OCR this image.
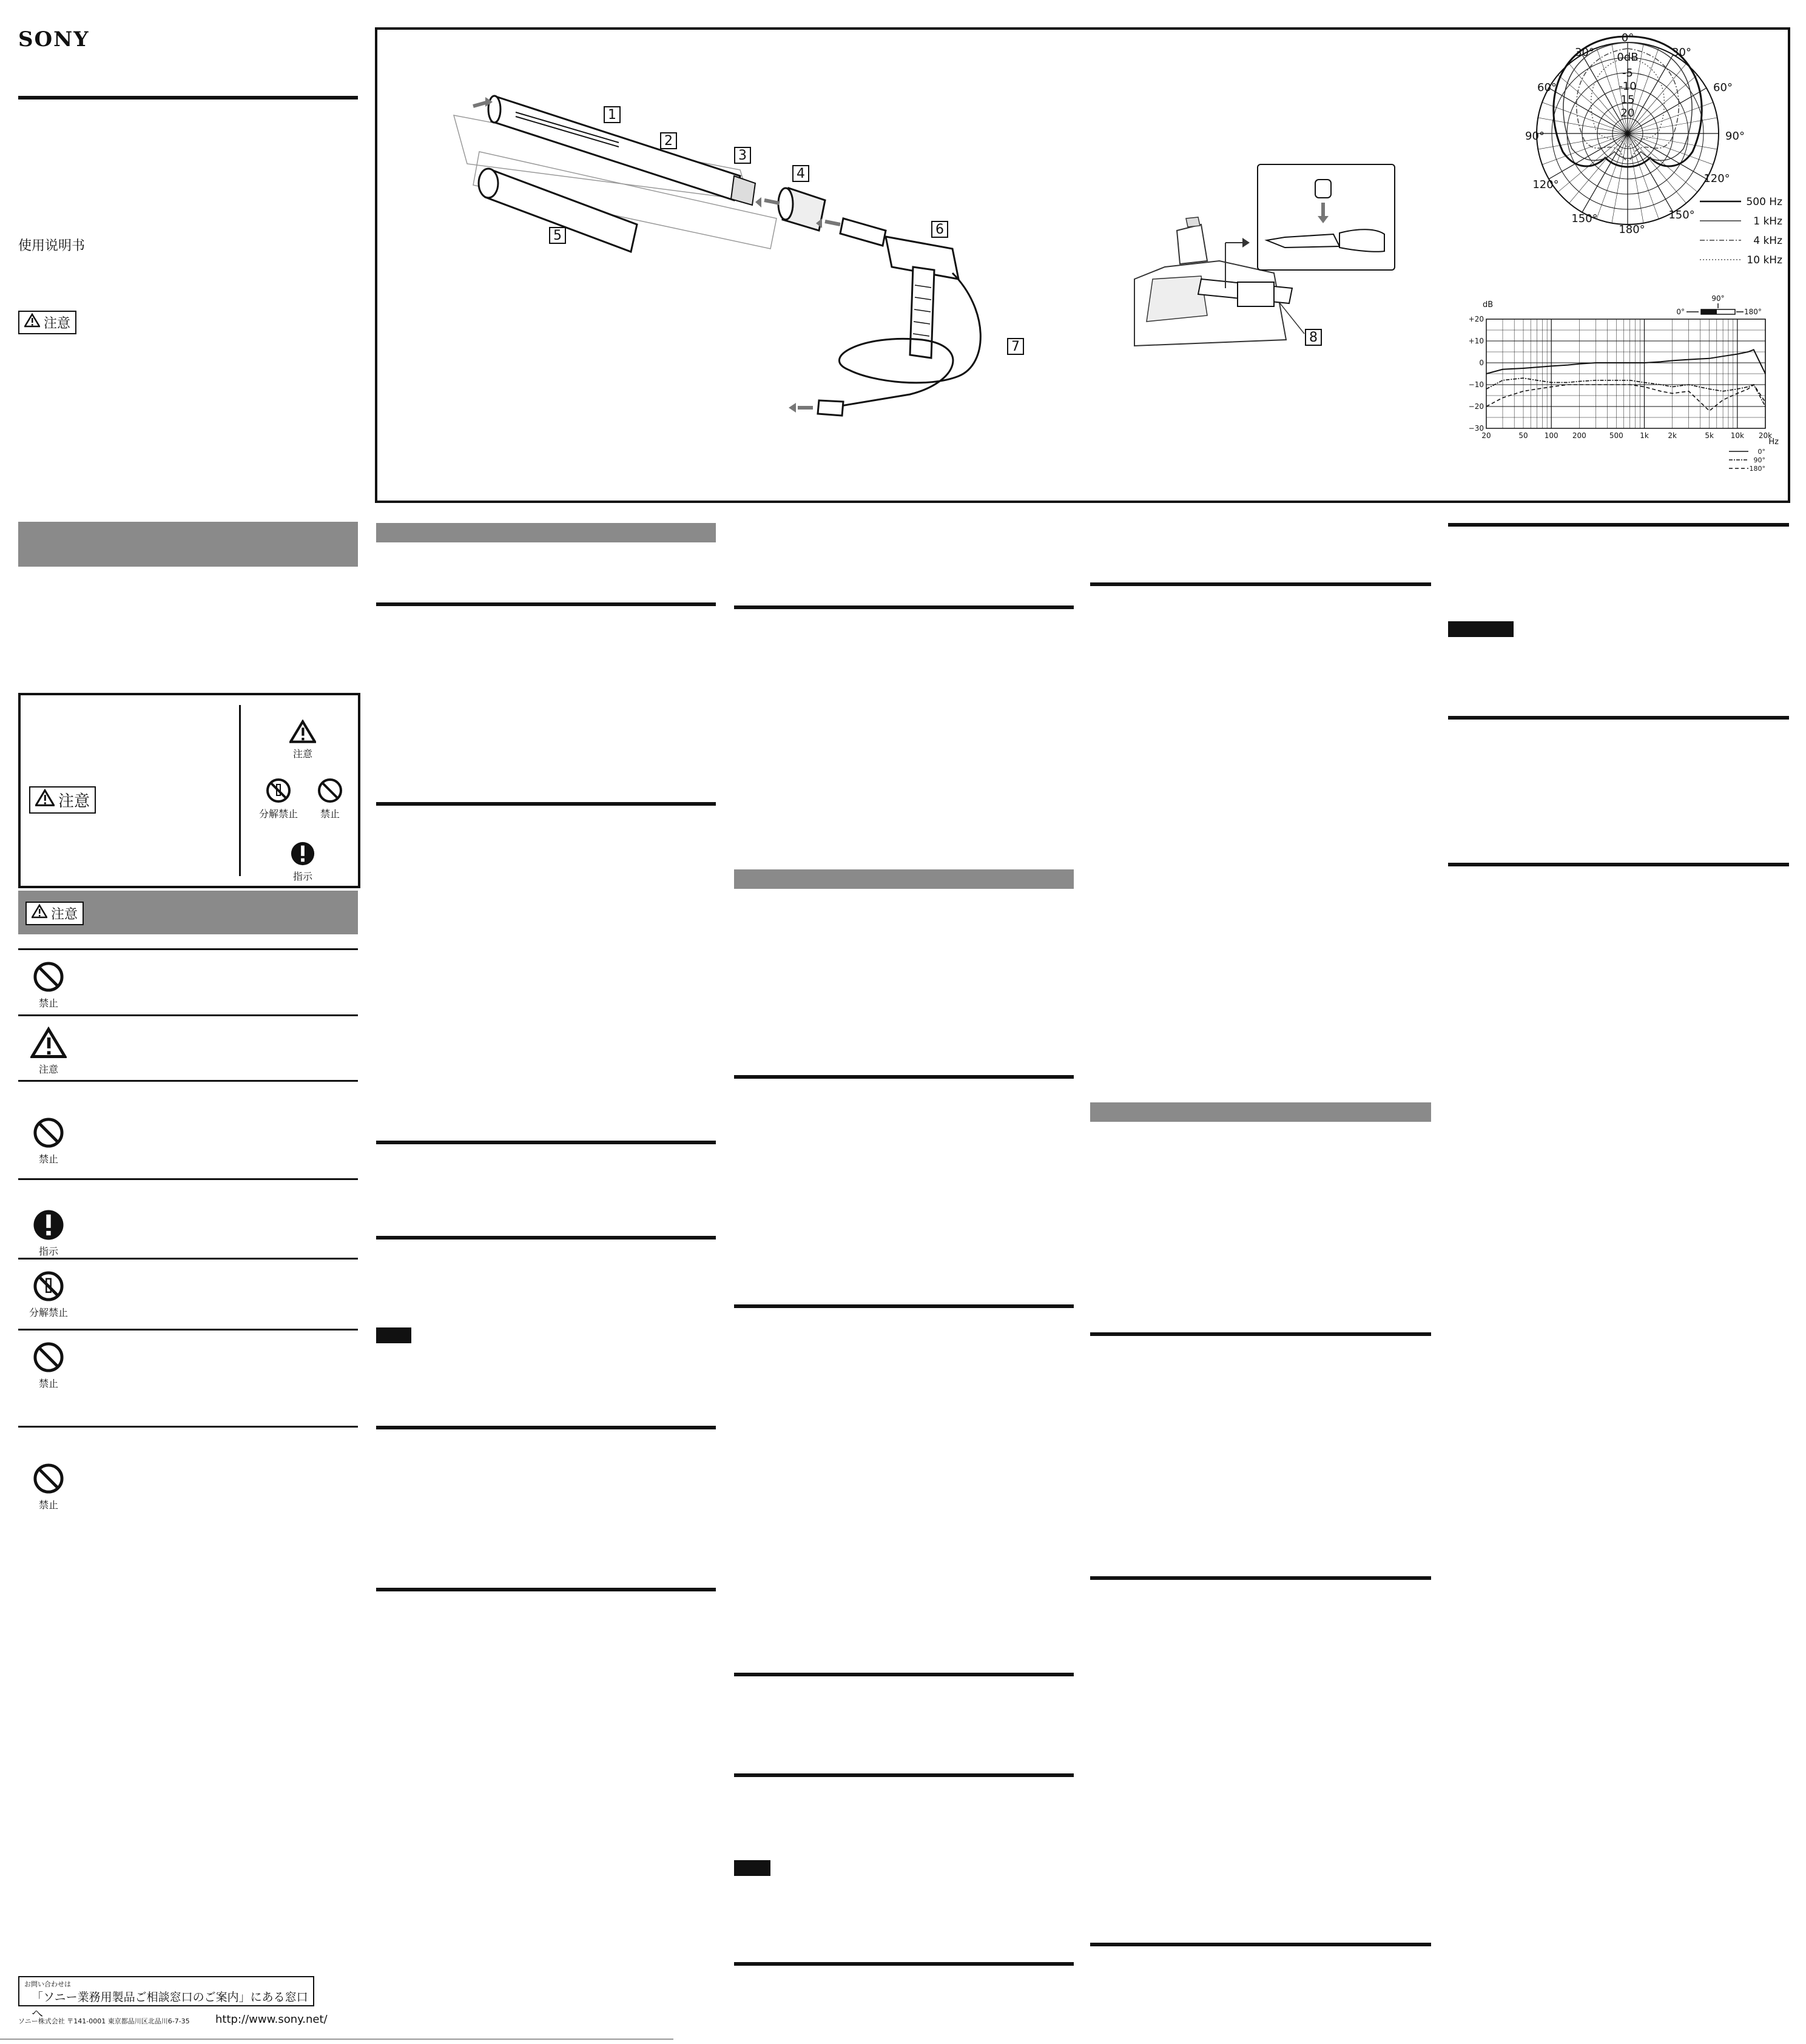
SONY
使用说明书
注意
注意
注意
分解禁止	禁止
指示
注意
禁止
注意
禁止
指示
分解禁止
禁止
禁止
お問い合わせは
「ソニー業務用製品ご相談窓口のご案内」にある窓口へ
ソニー株式会社 〒141-0001 東京都品川区北品川6-7-35 http://www.sony.net/
1
2
3
4
5	6
7
8
0°
180°
30°
60°
90°
120°
150°
30°
60°
90°
120°
150°
0dB
-5
-10
15
20
500 Hz
1 kHz
4 kHz
10 kHz
dB
Hz
90°
0°	180°
+20
+10
0
−10
−20
−30
20	50 100 200	500 1k	2k	5k 10k 20k
0°
90°
180°
